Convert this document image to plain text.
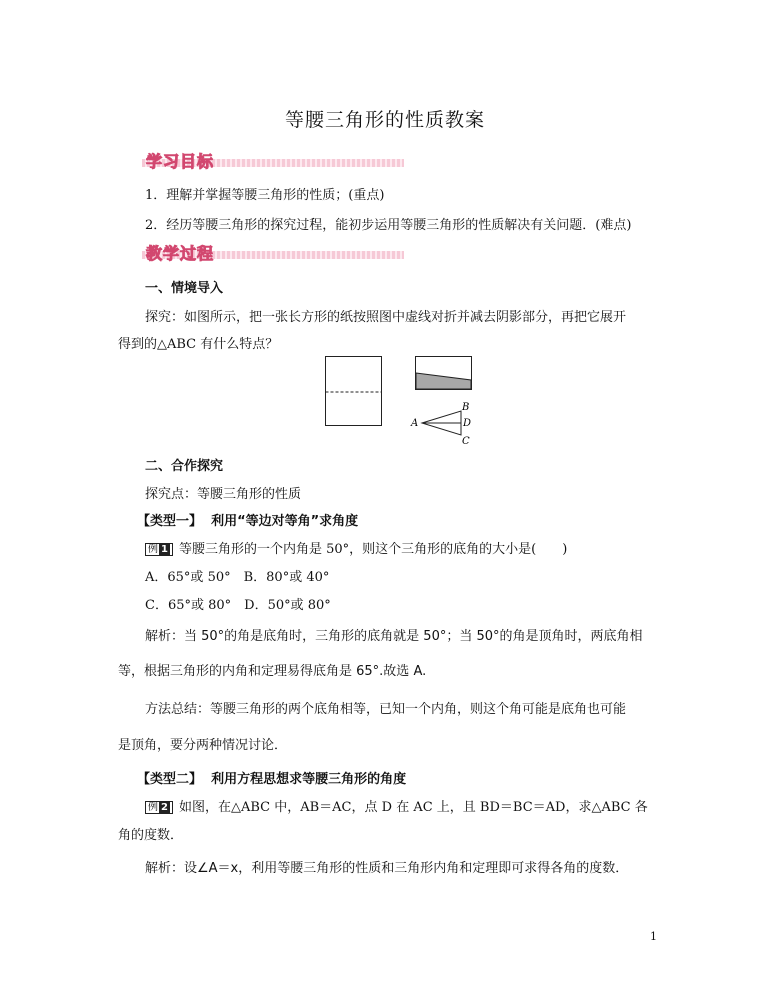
等腰三角形的性质教案
学习目标
1．理解并掌握等腰三角形的性质；(重点)
2．经历等腰三角形的探究过程，能初步运用等腰三角形的性质解决有关问题．(难点)
教学过程
一、情境导入
探究：如图所示，把一张长方形的纸按照图中虚线对折并减去阴影部分，再把它展开
得到的△ABC 有什么特点？
A
B
D
C
二、合作探究
探究点：等腰三角形的性质
【类型一】 利用“等边对等角”求角度
例 1 等腰三角形的一个内角是 50°，则这个三角形的底角的大小是(　　)
A．65°或 50°　B．80°或 40°
C．65°或 80°　D．50°或 80°
解析：当 50°的角是底角时，三角形的底角就是 50°；当 50°的角是顶角时，两底角相
等，根据三角形的内角和定理易得底角是 65°.故选 A.
方法总结：等腰三角形的两个底角相等，已知一个内角，则这个角可能是底角也可能
是顶角，要分两种情况讨论．
【类型二】 利用方程思想求等腰三角形的角度
例 2 如图，在△ABC 中，AB＝AC，点 D 在 AC 上，且 BD＝BC＝AD，求△ABC 各
角的度数．
解析：设∠A＝x，利用等腰三角形的性质和三角形内角和定理即可求得各角的度数．
1
